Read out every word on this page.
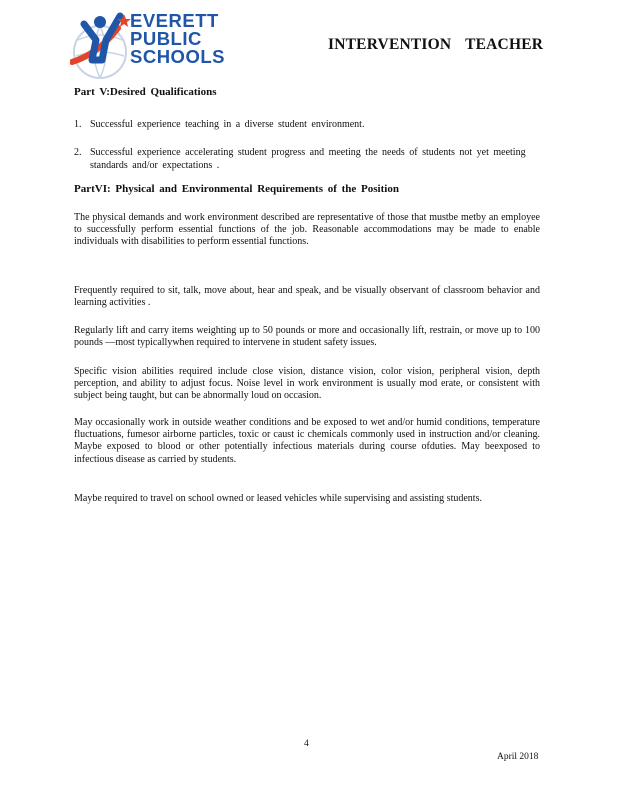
EVERETT
PUBLIC
SCHOOLS
INTERVENTION TEACHER
Part V:Desired Qualifications
1. Successful experience teaching in a diverse student environment.
2. Successful experience accelerating student progress and meeting the needs of students not yet meeting standards and/or expectations .
PartVI: Physical and Environmental Requirements of the Position
The physical demands and work environment described are representative of those that mustbe metby an employee to successfully perform essential functions of the job. Reasonable accommodations may be made to enable individuals with disabilities to perform essential functions.
Frequently required to sit, talk, move about, hear and speak, and be visually observant of classroom behavior and learning activities .
Regularly lift and carry items weighting up to 50 pounds or more and occasionally lift, restrain, or move up to 100 pounds —most typicallywhen required to intervene in student safety issues.
Specific vision abilities required include close vision, distance vision, color vision, peripheral vision, depth perception, and ability to adjust focus. Noise level in work environment is usually mod erate, or consistent with subject being taught, but can be abnormally loud on occasion.
May occasionally work in outside weather conditions and be exposed to wet and/or humid conditions, temperature fluctuations, fumesor airborne particles, toxic or caust ic chemicals commonly used in instruction and/or cleaning. Maybe exposed to blood or other potentially infectious materials during course ofduties. May beexposed to infectious disease as carried by students.
Maybe required to travel on school owned or leased vehicles while supervising and assisting students.
4
April 2018
